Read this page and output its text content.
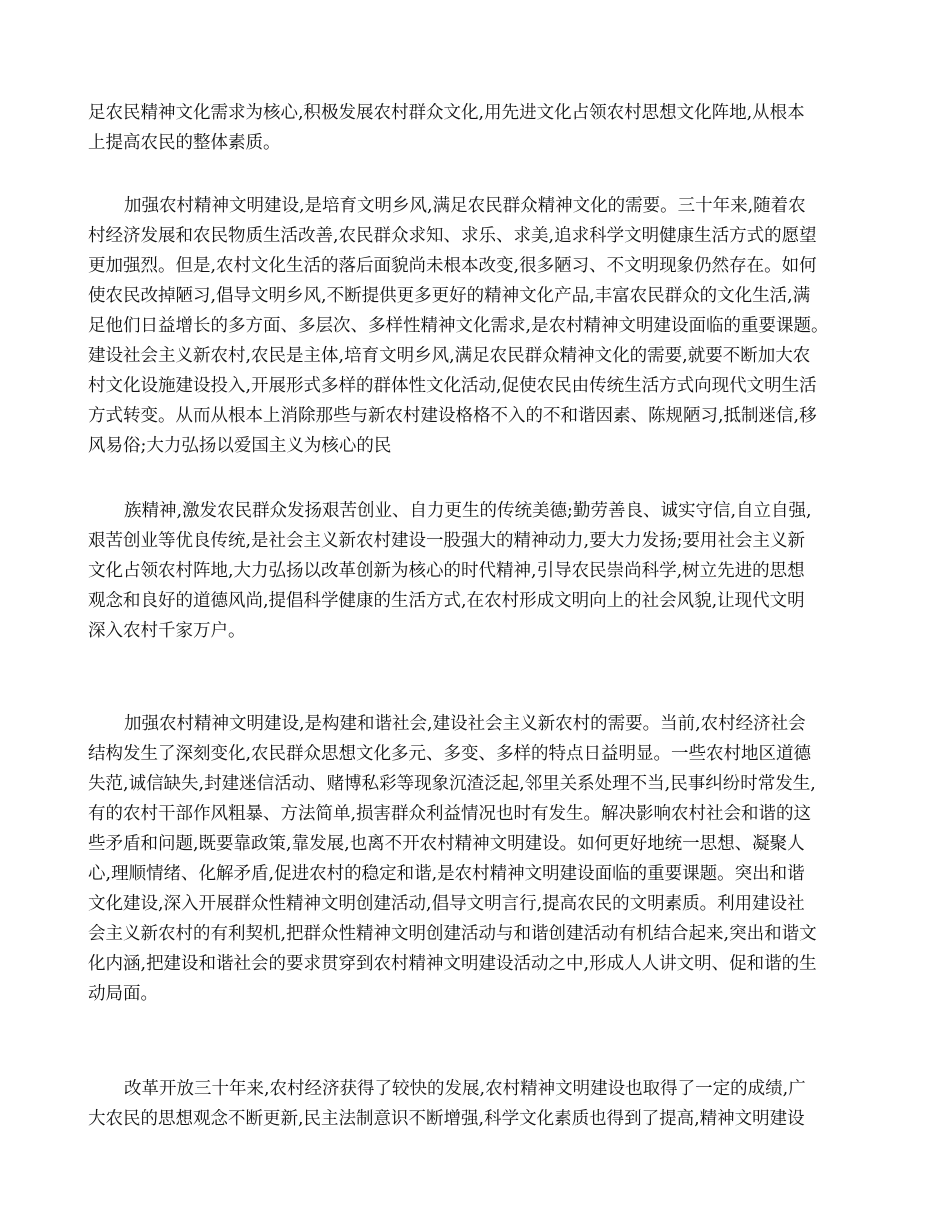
足农民精神文化需求为核心,积极发展农村群众文化,用先进文化占领农村思想文化阵地,从根本
上提高农民的整体素质。
加强农村精神文明建设,是培育文明乡风,满足农民群众精神文化的需要。三十年来,随着农
村经济发展和农民物质生活改善,农民群众求知、求乐、求美,追求科学文明健康生活方式的愿望
更加强烈。但是,农村文化生活的落后面貌尚未根本改变,很多陋习、不文明现象仍然存在。如何
使农民改掉陋习,倡导文明乡风,不断提供更多更好的精神文化产品,丰富农民群众的文化生活,满
足他们日益增长的多方面、多层次、多样性精神文化需求,是农村精神文明建设面临的重要课题。
建设社会主义新农村,农民是主体,培育文明乡风,满足农民群众精神文化的需要,就要不断加大农
村文化设施建设投入,开展形式多样的群体性文化活动,促使农民由传统生活方式向现代文明生活
方式转变。从而从根本上消除那些与新农村建设格格不入的不和谐因素、陈规陋习,抵制迷信,移
风易俗;大力弘扬以爱国主义为核心的民
族精神,激发农民群众发扬艰苦创业、自力更生的传统美德;勤劳善良、诚实守信,自立自强,
艰苦创业等优良传统,是社会主义新农村建设一股强大的精神动力,要大力发扬;要用社会主义新
文化占领农村阵地,大力弘扬以改革创新为核心的时代精神,引导农民崇尚科学,树立先进的思想
观念和良好的道德风尚,提倡科学健康的生活方式,在农村形成文明向上的社会风貌,让现代文明
深入农村千家万户。
加强农村精神文明建设,是构建和谐社会,建设社会主义新农村的需要。当前,农村经济社会
结构发生了深刻变化,农民群众思想文化多元、多变、多样的特点日益明显。一些农村地区道德
失范,诚信缺失,封建迷信活动、赌博私彩等现象沉渣泛起,邻里关系处理不当,民事纠纷时常发生,
有的农村干部作风粗暴、方法简单,损害群众利益情况也时有发生。解决影响农村社会和谐的这
些矛盾和问题,既要靠政策,靠发展,也离不开农村精神文明建设。如何更好地统一思想、凝聚人
心,理顺情绪、化解矛盾,促进农村的稳定和谐,是农村精神文明建设面临的重要课题。突出和谐
文化建设,深入开展群众性精神文明创建活动,倡导文明言行,提高农民的文明素质。利用建设社
会主义新农村的有利契机,把群众性精神文明创建活动与和谐创建活动有机结合起来,突出和谐文
化内涵,把建设和谐社会的要求贯穿到农村精神文明建设活动之中,形成人人讲文明、促和谐的生
动局面。
改革开放三十年来,农村经济获得了较快的发展,农村精神文明建设也取得了一定的成绩,广
大农民的思想观念不断更新,民主法制意识不断增强,科学文化素质也得到了提高,精神文明建设
